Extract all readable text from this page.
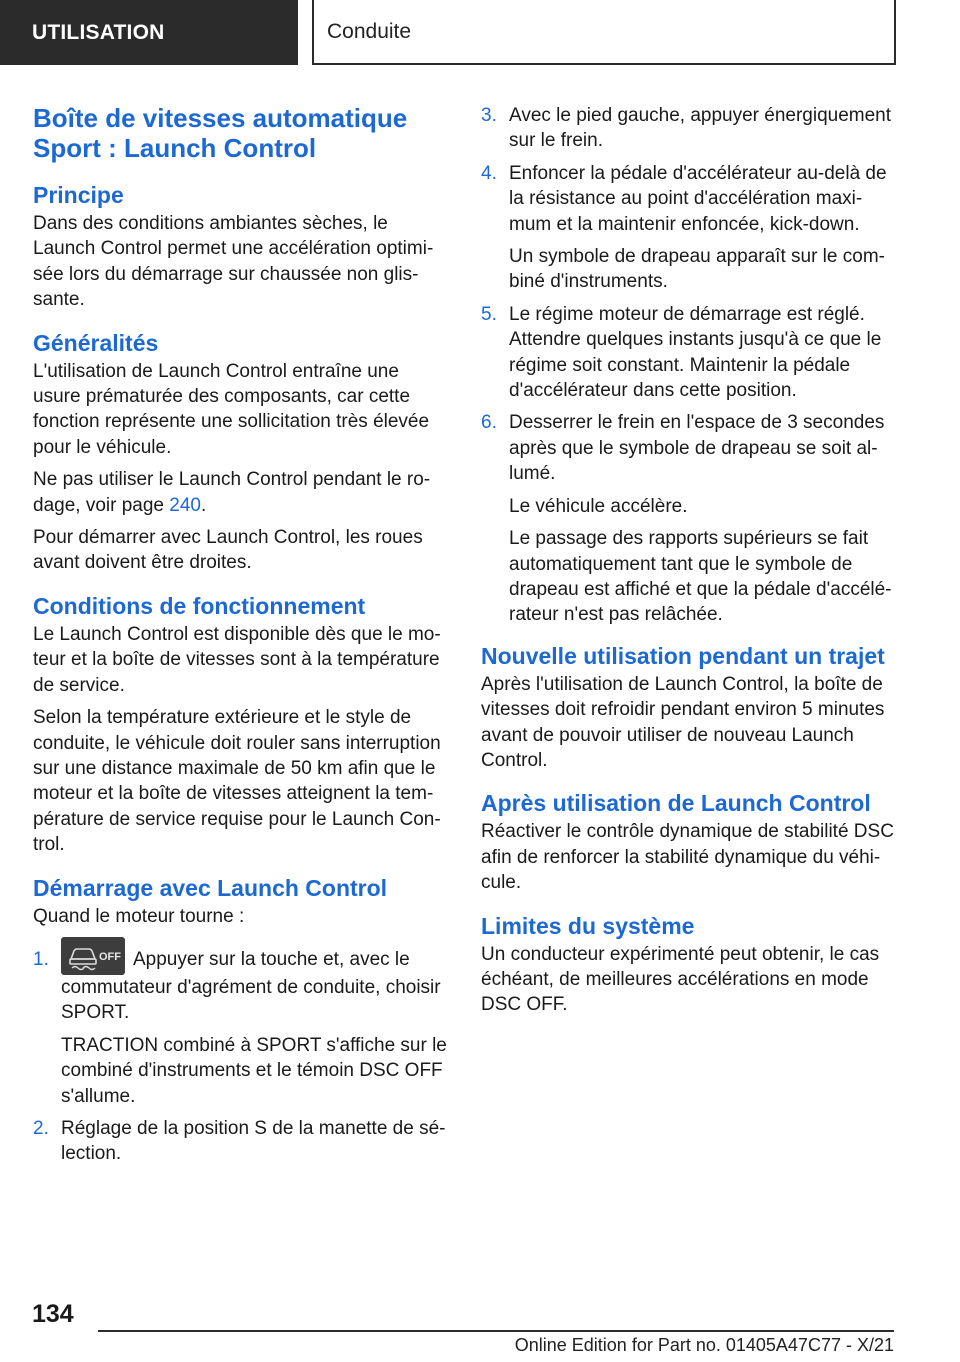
UTILISATION	Conduite
Boîte de vitesses automatique Sport : Launch Control
Principe

Dans des conditions ambiantes sèches, le Launch Control permet une accélération optimisée lors du démarrage sur chaussée non glissante.

Généralités

L'utilisation de Launch Control entraîne une usure prématurée des composants, car cette fonction représente une sollicitation très élevée pour le véhicule.

Ne pas utiliser le Launch Control pendant le rodage, voir page 240.

Pour démarrer avec Launch Control, les roues avant doivent être droites.

Conditions de fonctionnement

Le Launch Control est disponible dès que le moteur et la boîte de vitesses sont à la température de service.

Selon la température extérieure et le style de conduite, le véhicule doit rouler sans interruption sur une distance maximale de 50 km afin que le moteur et la boîte de vitesses atteignent la température de service requise pour le Launch Control.

Démarrage avec Launch Control

Quand le moteur tourne :

1.	OFF Appuyer sur la touche et, avec le commutateur d'agrément de conduite, choisir SPORT.

TRACTION combiné à SPORT s'affiche sur le combiné d'instruments et le témoin DSC OFF s'allume.

2. Réglage de la position S de la manette de sélection.

3. Avec le pied gauche, appuyer énergiquement sur le frein.

4. Enfoncer la pédale d'accélérateur au-delà de la résistance au point d'accélération maximum et la maintenir enfoncée, kick-down.

Un symbole de drapeau apparaît sur le combiné d'instruments.

5. Le régime moteur de démarrage est réglé. Attendre quelques instants jusqu'à ce que le régime soit constant. Maintenir la pédale d'accélérateur dans cette position.

6. Desserrer le frein en l'espace de 3 secondes après que le symbole de drapeau se soit allumé.

Le véhicule accélère.

Le passage des rapports supérieurs se fait automatiquement tant que le symbole de drapeau est affiché et que la pédale d'accélérateur n'est pas relâchée.

Nouvelle utilisation pendant un trajet

Après l'utilisation de Launch Control, la boîte de vitesses doit refroidir pendant environ 5 minutes avant de pouvoir utiliser de nouveau Launch Control.

Après utilisation de Launch Control

Réactiver le contrôle dynamique de stabilité DSC afin de renforcer la stabilité dynamique du véhicule.

Limites du système

Un conducteur expérimenté peut obtenir, le cas échéant, de meilleures accélérations en mode DSC OFF.

134
Online Edition for Part no. 01405A47C77 - X/21
